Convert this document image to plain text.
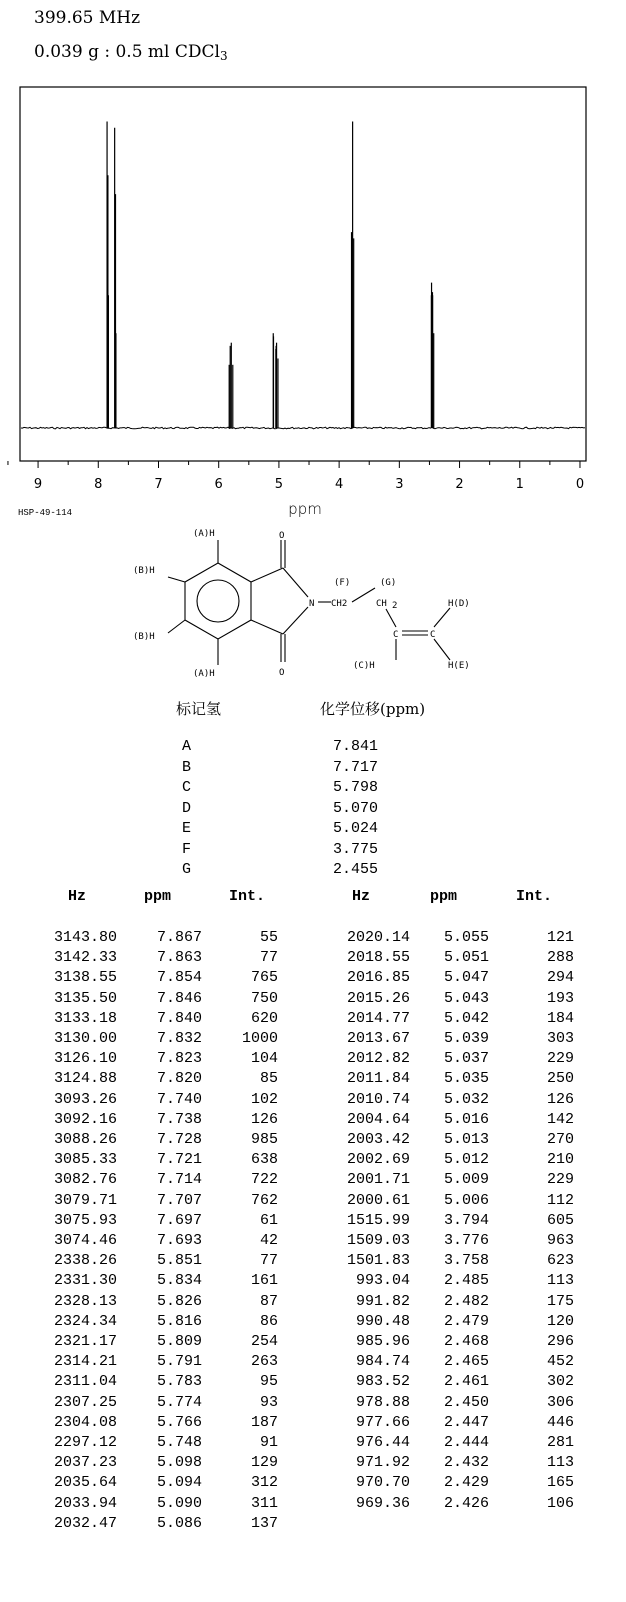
399.65 MHz
0.039 g : 0.5 ml CDCl$_3$
9	8	7	6	5	4	3	2	1	0
ppm
HSP-49-114
(A)H
(B)H
(B)H
(A)H
O
O
N CH2	CH 2
C	C
(F)	(G)
(C)H
H(D)
H(E)
标记氢	化学位移(ppm)
A	7.841
B	7.717
C	5.798
D	5.070
E	5.024
F	3.775
G	2.455
Hz	ppm	Int.	Hz	ppm	Int.
3143.80	7.867	55
3142.33	7.863	77
3138.55	7.854	765
3135.50	7.846	750
3133.18	7.840	620
3130.00	7.832	1000
3126.10	7.823	104
3124.88	7.820	85
3093.26	7.740	102
3092.16	7.738	126
3088.26	7.728	985
3085.33	7.721	638
3082.76	7.714	722
3079.71	7.707	762
3075.93	7.697	61
3074.46	7.693	42
2338.26	5.851	77
2331.30	5.834	161
2328.13	5.826	87
2324.34	5.816	86
2321.17	5.809	254
2314.21	5.791	263
2311.04	5.783	95
2307.25	5.774	93
2304.08	5.766	187
2297.12	5.748	91
2037.23	5.098	129
2035.64	5.094	312
2033.94	5.090	311
2032.47	5.086	137
2020.14 5.055	121
2018.55 5.051	288
2016.85 5.047	294
2015.26 5.043	193
2014.77 5.042	184
2013.67 5.039	303
2012.82 5.037	229
2011.84 5.035	250
2010.74 5.032	126
2004.64 5.016	142
2003.42 5.013	270
2002.69 5.012	210
2001.71 5.009	229
2000.61 5.006	112
1515.99 3.794	605
1509.03 3.776	963
1501.83 3.758	623
993.04 2.485	113
991.82 2.482	175
990.48 2.479	120
985.96 2.468	296
984.74 2.465	452
983.52 2.461	302
978.88 2.450	306
977.66 2.447	446
976.44 2.444	281
971.92 2.432	113
970.70 2.429	165
969.36 2.426	106
